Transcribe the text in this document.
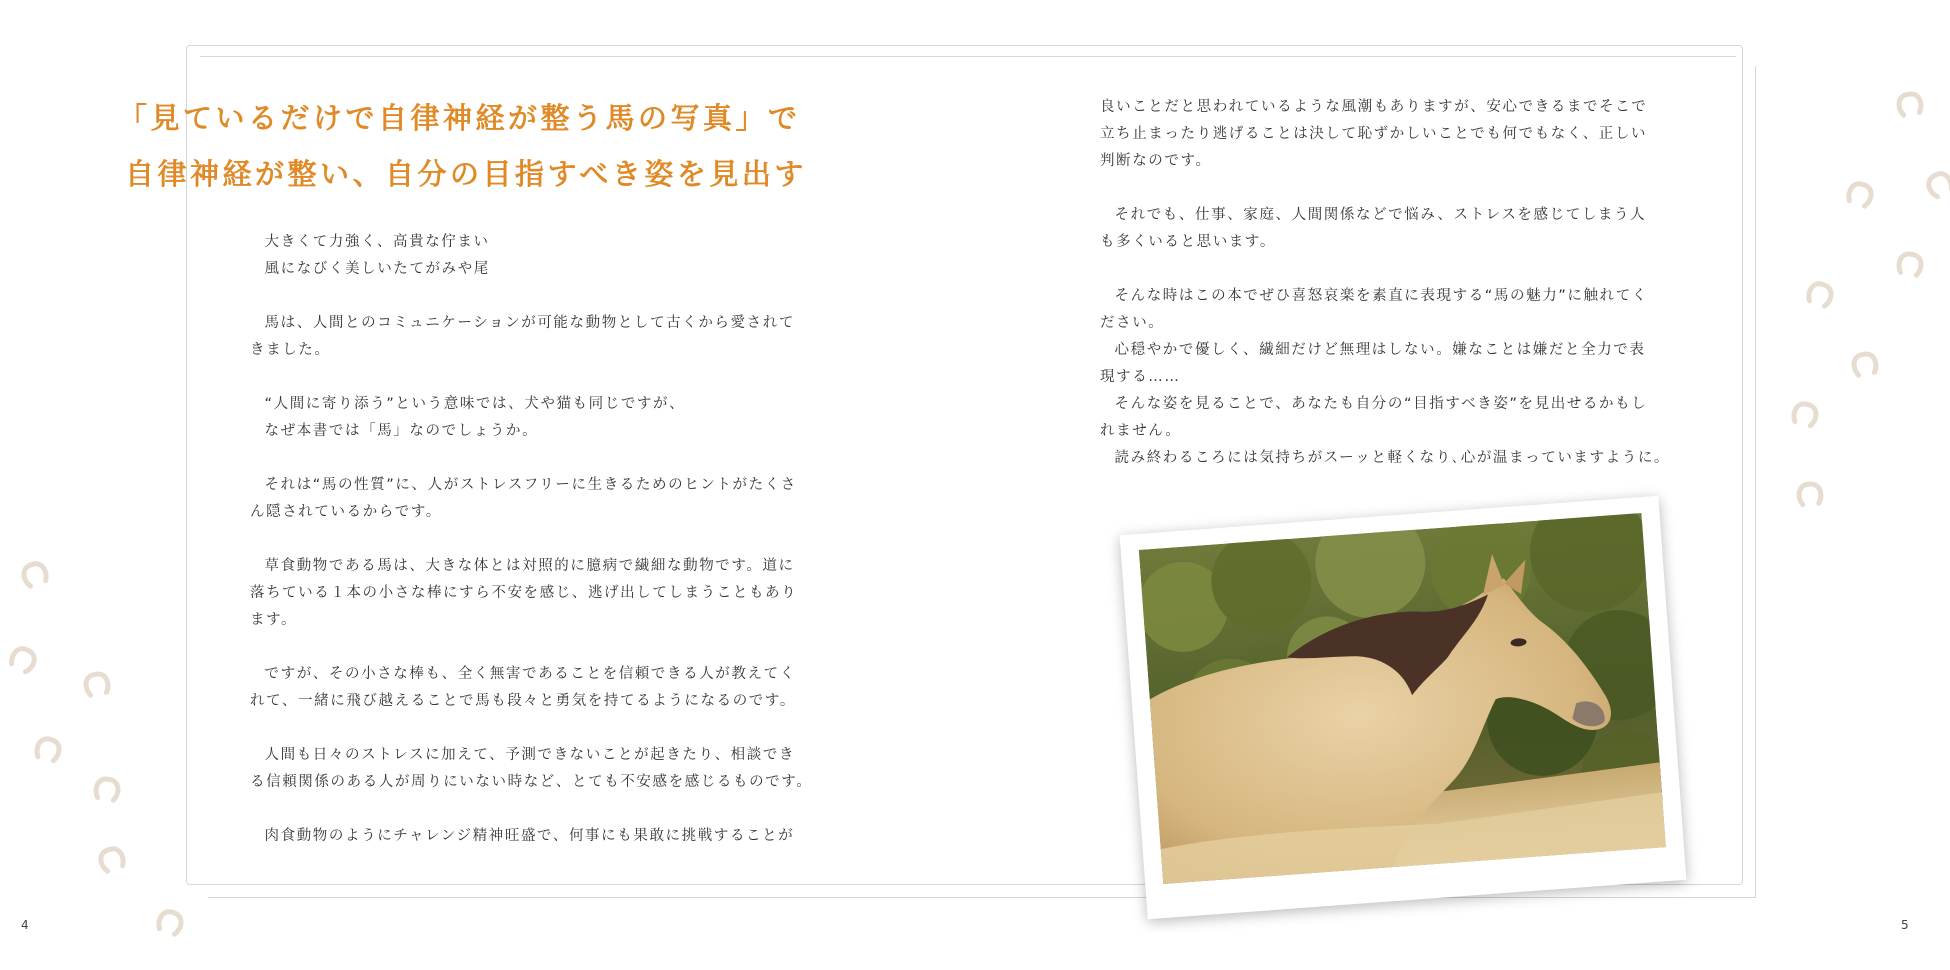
「見ているだけで自律神経が整う馬の写真」で
自律神経が整い、自分の目指すべき姿を見出す

大きくて力強く、高貴な佇まい
風になびく美しいたてがみや尾

馬は、人間とのコミュニケーションが可能な動物として古くから愛されて
きました。

“人間に寄り添う”という意味では、犬や猫も同じですが、
なぜ本書では「馬」なのでしょうか。

それは“馬の性質”に、人がストレスフリーに生きるためのヒントがたくさ
ん隠されているからです。

草食動物である馬は、大きな体とは対照的に臆病で繊細な動物です。道に
落ちている１本の小さな棒にすら不安を感じ、逃げ出してしまうこともあり
ます。

ですが、その小さな棒も、全く無害であることを信頼できる人が教えてく
れて、一緒に飛び越えることで馬も段々と勇気を持てるようになるのです。

人間も日々のストレスに加えて、予測できないことが起きたり、相談でき
る信頼関係のある人が周りにいない時など、とても不安感を感じるものです。

肉食動物のようにチャレンジ精神旺盛で、何事にも果敢に挑戦することが

良いことだと思われているような風潮もありますが、安心できるまでそこで
立ち止まったり逃げることは決して恥ずかしいことでも何でもなく、正しい
判断なのです。

それでも、仕事、家庭、人間関係などで悩み、ストレスを感じてしまう人
も多くいると思います。

そんな時はこの本でぜひ喜怒哀楽を素直に表現する“馬の魅力”に触れてく
ださい。
心穏やかで優しく、繊細だけど無理はしない。嫌なことは嫌だと全力で表
現する……
そんな姿を見ることで、あなたも自分の“目指すべき姿”を見出せるかもし
れません。
読み終わるころには気持ちがスーッと軽くなり､心が温まっていますように。

4	5
